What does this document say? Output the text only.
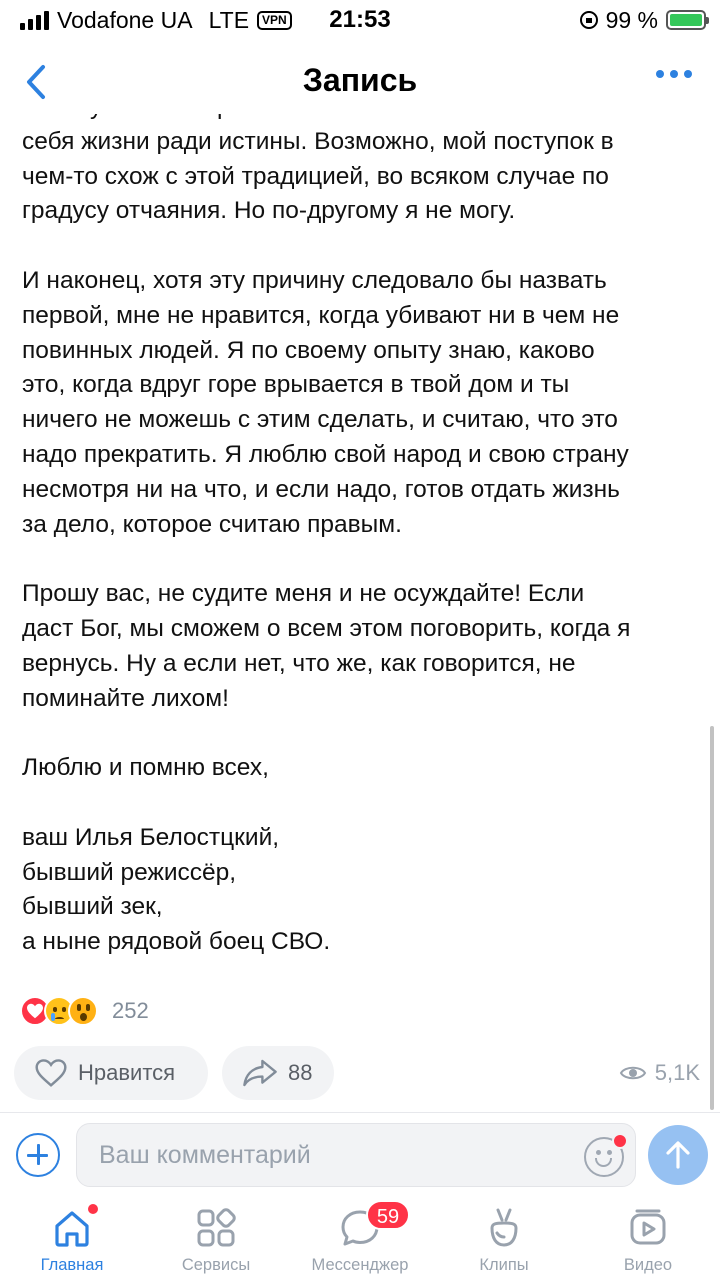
Vodafone UA LTE	VPN	21:53	99 %
Запись
себя жизни ради истины. Возможно, мой поступок в
чем-то схож с этой традицией, во всяком случае по
градусу отчаяния. Но по-другому я не могу.
И наконец, хотя эту причину следовало бы назвать
первой, мне не нравится, когда убивают ни в чем не
повинных людей. Я по своему опыту знаю, каково
это, когда вдруг горе врывается в твой дом и ты
ничего не можешь с этим сделать, и считаю, что это
надо прекратить. Я люблю свой народ и свою страну
несмотря ни на что, и если надо, готов отдать жизнь
за дело, которое считаю правым.
Прошу вас, не судите меня и не осуждайте! Если
даст Бог, мы сможем о всем этом поговорить, когда я
вернусь. Ну а если нет, что же, как говорится, не
поминайте лихом!
Люблю и помню всех,
ваш Илья Белостцкий,
бывший режиссёр,
бывший зек,
а ныне рядовой боец СВО.
252
Нравится	88	5,1K
Ваш комментарий
Главная	Сервисы
59
Мессенджер	Клипы	Видео
